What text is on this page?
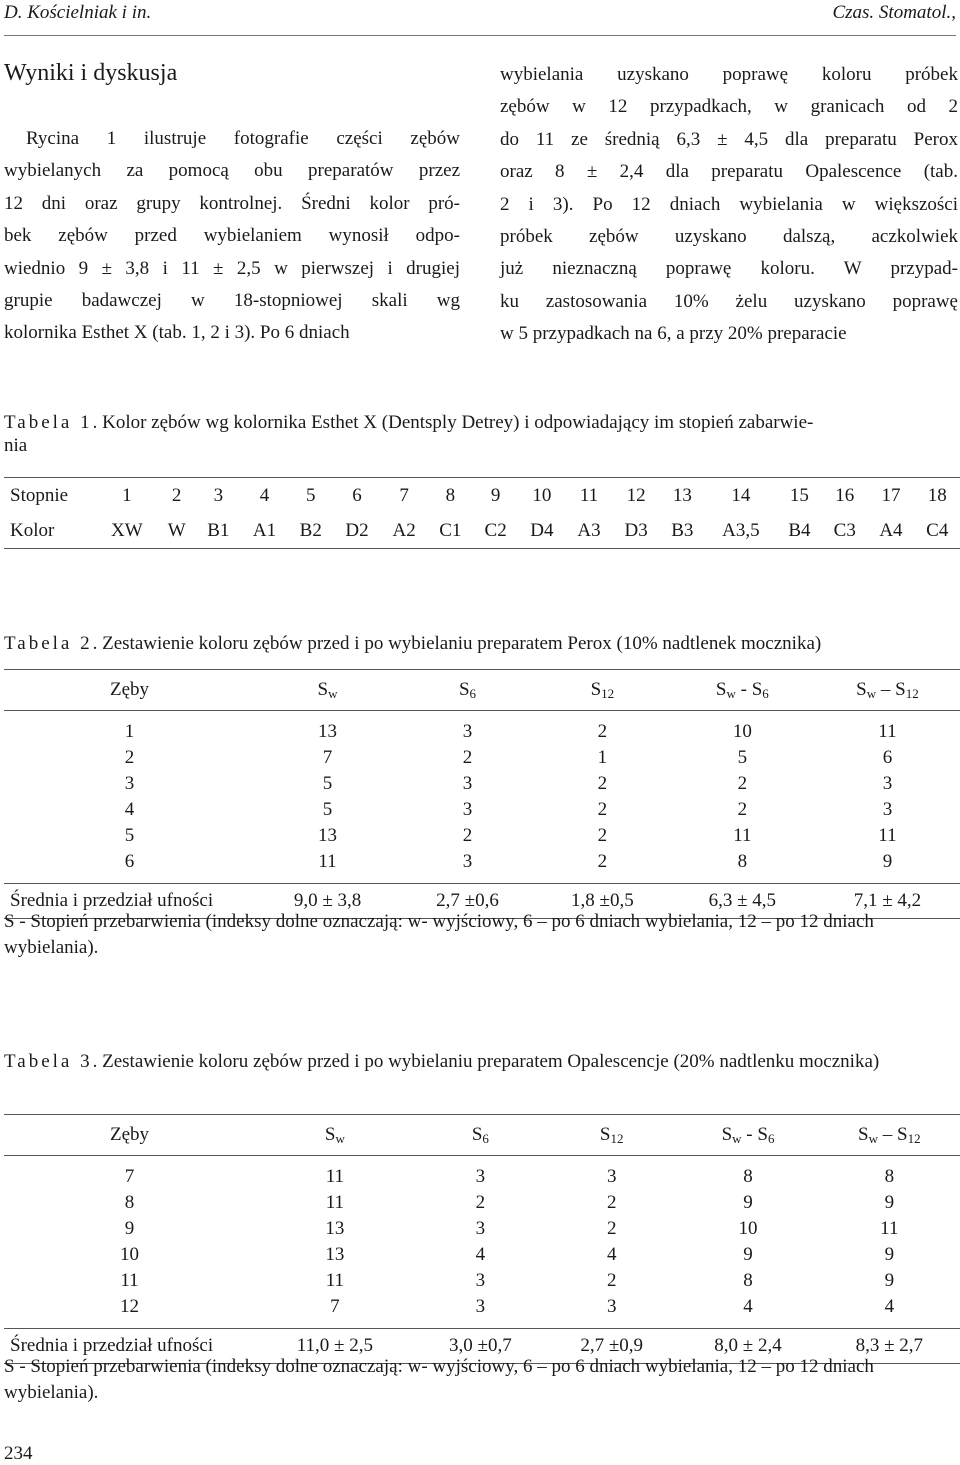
D. Kościelniak i in.	Czas. Stomatol.,
Wyniki i dyskusja
Rycina 1 ilustruje fotografie części zębów
wybielanych za pomocą obu preparatów przez
12 dni oraz grupy kontrolnej. Średni kolor pró-
bek zębów przed wybielaniem wynosił odpo-
wiednio 9 ± 3,8 i 11 ± 2,5 w pierwszej i drugiej
grupie badawczej w 18-stopniowej skali wg
kolornika Esthet X (tab. 1, 2 i 3). Po 6 dniach
wybielania uzyskano poprawę koloru próbek
zębów w 12 przypadkach, w granicach od 2
do 11 ze średnią 6,3 ± 4,5 dla preparatu Perox
oraz 8 ± 2,4 dla preparatu Opalescence (tab.
2 i 3). Po 12 dniach wybielania w większości
próbek zębów uzyskano dalszą, aczkolwiek
już nieznaczną poprawę koloru. W przypad-
ku zastosowania 10% żelu uzyskano poprawę
w 5 przypadkach na 6, a przy 20% preparacie
Tabela 1. Kolor zębów wg kolornika Esthet X (Dentsply Detrey) i odpowiadający im stopień zabarwie-
nia
Stopnie	1	2	3	4	5	6	7	8	9	10	11	12	13	14	15	16	17	18
Kolor	XW	W	B1	A1	B2	D2	A2	C1	C2	D4	A3	D3	B3	A3,5	B4	C3	A4	C4
Tabela 2. Zestawienie koloru zębów przed i po wybielaniu preparatem Perox (10% nadtlenek mocznika)
Zęby	$S_w$	$S_6$	$S_{12}$	$S_w - S_6$	$S_w - S_{12}$

1	13	3	2	10	11
2	7	2	1	5	6
3	5	3	2	2	3
4	5	3	2	2	3
5	13	2	2	11	11
6	11	3	2	8	9

Średnia i przedział ufności	9,0 ± 3,8	2,7 ±0,6	1,8 ±0,5	6,3 ± 4,5	7,1 ± 4,2
S - Stopień przebarwienia (indeksy dolne oznaczają: w- wyjściowy, 6 – po 6 dniach wybielania, 12 – po 12 dniach wybielania).
Tabela 3. Zestawienie koloru zębów przed i po wybielaniu preparatem Opalescencje (20% nadtlenku mocznika)
Zęby	$S_w$	$S_6$	$S_{12}$	$S_w - S_6$	$S_w - S_{12}$

7	11	3	3	8	8
8	11	2	2	9	9
9	13	3	2	10	11
10	13	4	4	9	9
11	11	3	2	8	9
12	7	3	3	4	4

Średnia i przedział ufności	11,0 ± 2,5	3,0 ±0,7	2,7 ±0,9	8,0 ± 2,4	8,3 ± 2,7
S - Stopień przebarwienia (indeksy dolne oznaczają: w- wyjściowy, 6 – po 6 dniach wybielania, 12 – po 12 dniach wybielania).
234
